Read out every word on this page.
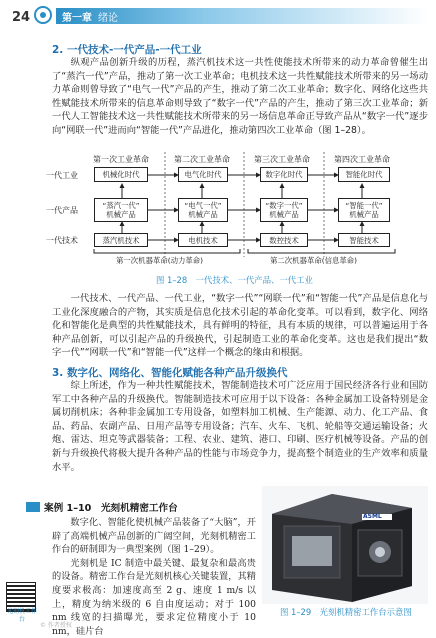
24	第一章 绪论
2. 一代技术-一代产品-一代工业

纵观产品创新升级的历程，蒸汽机技术这一共性使能技术所带来的动力革命曾催生出了“蒸汽一代”产品，推动了第一次工业革命；电机技术这一共性赋能技术所带来的另一场动力革命则曾导致了“电气一代”产品的产生，推动了第二次工业革命；数字化、网络化这些共性赋能技术所带来的信息革命则导致了“数字一代”产品的产生，推动了第三次工业革命；新一代人工智能技术这一共性赋能技术所带来的另一场信息革命正导致产品从“数字一代”逐步向“网联一代”进而向“智能一代”产品进化，推动第四次工业革命（图 1–28）。

第一次工业革命	第二次工业革命	第三次工业革命	第四次工业革命
一代工业
一代产品
一代技术
机械化时代	电气化时代	数字化时代	智能化时代
“蒸汽一代”
机械产品
“电气一代”
机械产品
“数字一代”
机械产品
“智能一代”
机械产品
蒸汽机技术	电机技术	数控技术	智能技术
第一次机器革命(动力革命)	第二次机器革命(信息革命)
图 1–28　一代技术、一代产品、一代工业

一代技术、一代产品、一代工业，“数字一代”“网联一代”和“智能一代”产品是信息化与工业化深度融合的产物，其实质是信息化技术引起的革命化变革。可以看到，数字化、网络化和智能化是典型的共性赋能技术，具有鲜明的特征，具有本质的规律，可以普遍运用于各种产品创新，可以引起产品的升级换代，引起制造工业的革命化变革。这也是我们提出“数字一代”“网联一代”和“智能一代”这样一个概念的缘由和根据。

3. 数字化、网络化、智能化赋能各种产品升级换代

综上所述，作为一种共性赋能技术，智能制造技术可广泛应用于国民经济各行业和国防军工中各种产品的升级换代。智能制造技术可应用于以下设备：各种金属加工设备特别是金属切削机床；各种非金属加工专用设备，如塑料加工机械、生产能源、动力、化工产品、食品、药品、农副产品、日用产品等专用设备；汽车、火车、飞机、轮船等交通运输设备；火炮、雷达、坦克等武器装备；工程、农业、建筑、港口、印刷、医疗机械等设备。产品的创新与升级换代将极大提升各种产品的性能与市场竞争力，提高整个制造业的生产效率和质量水平。

案例 1–10　光刻机精密工作台

数字化、智能化使机械产品装备了“大脑”，开辟了高端机械产品创新的广阔空间，光刻机精密工作台的研制即为一典型案例（图 1–29）。

光刻机是 IC 制造中最关键、最复杂和最高贵的设备。精密工作台是光刻机核心关键装置，其精度要求极高：加速度高至 2 g、速度 1 m/s 以上，精度为纳米级的 6 自由度运动；对于 100 nm 线宽的扫描曝光，要求定位精度小于 10 nm，硅片台

ASML
图 1–29　光刻机精密工作台示意图
光刻机工作台
© 作者授权
